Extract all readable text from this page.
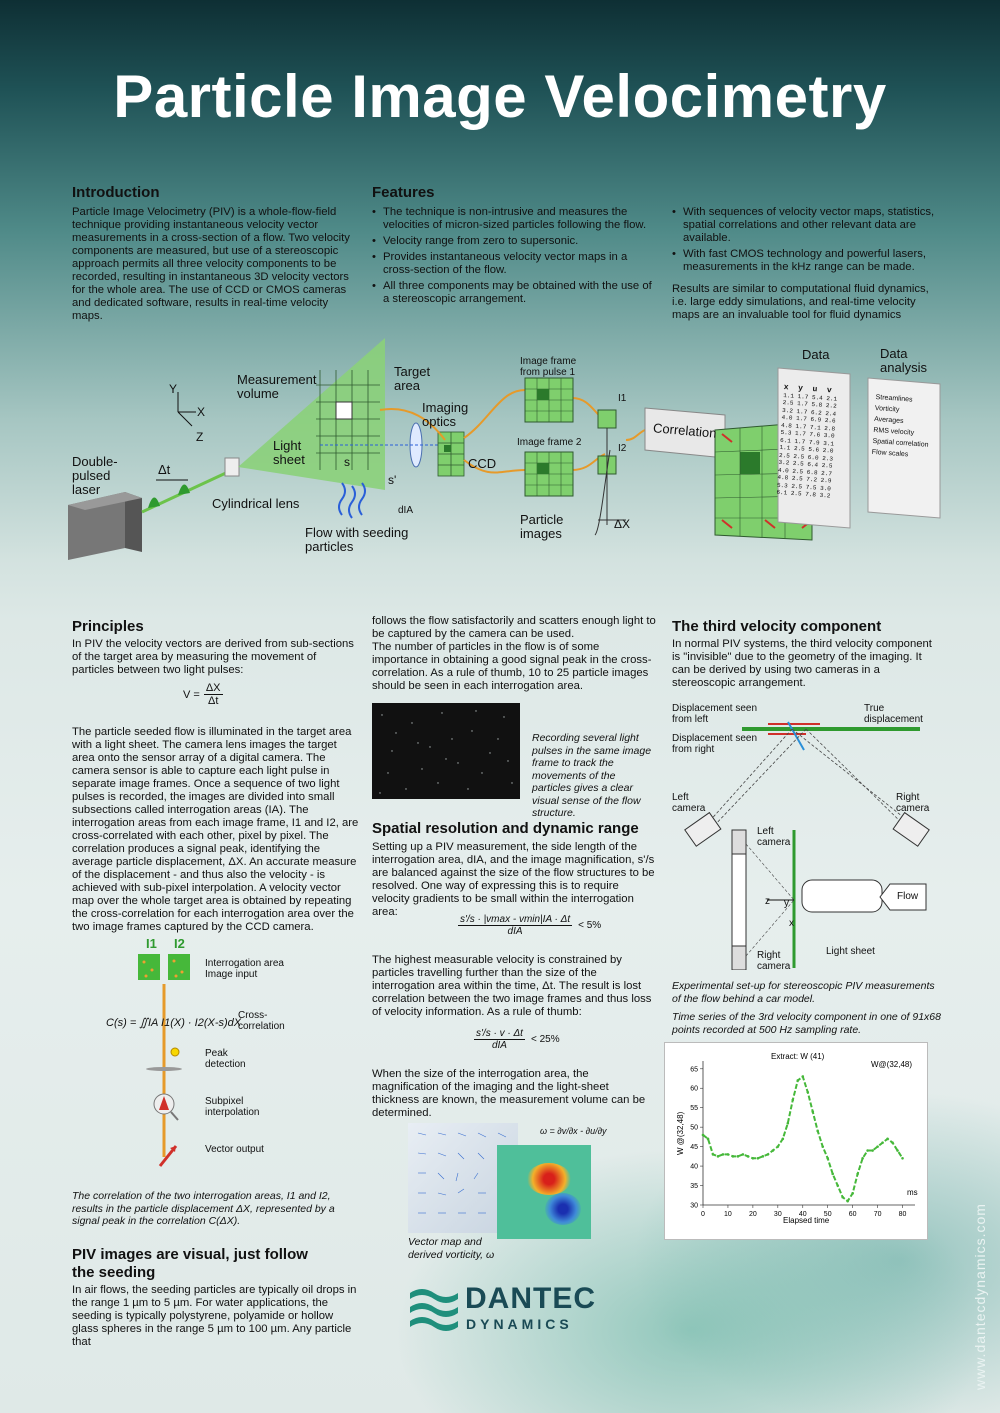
Particle Image Velocimetry
Introduction
Particle Image Velocimetry (PIV) is a whole-flow-field technique providing instantaneous velocity vector measurements in a cross-section of a flow. Two velocity components are measured, but use of a stereoscopic approach permits all three velocity components to be recorded, resulting in instantaneous 3D velocity vectors for the whole area. The use of CCD or CMOS cameras and dedicated software, results in real-time velocity maps.
Features
• The technique is non-intrusive and measures the velocities of micron-sized particles following the flow.
• Velocity range from zero to supersonic.
• Provides instantaneous velocity vector maps in a cross-section of the flow.
• All three components may be obtained with the use of a stereoscopic arrangement.
• With sequences of velocity vector maps, statistics, spatial correlations and other relevant data are available.
• With fast CMOS technology and powerful lasers, measurements in the kHz range can be made.
Results are similar to computational fluid dynamics, i.e. large eddy simulations, and real-time velocity maps are an invaluable tool for fluid dynamics
Double-pulsed laser
Δt
Cylindrical lens
Flow with seeding particles
Measurement volume
Light sheet
Target area
Imaging optics
CCD
Image frame from pulse 1
Image frame 2
Particle images
Correlation
Data	Data analysis
Y
X
Z
s
s'
dIA
I1
I2
ΔX
x y u v
1.1 1.7 5.4 2.1
2.5 1.7 5.8 2.2
3.2 1.7 6.2 2.4
4.0 1.7 6.9 2.6
4.8 1.7 7.1 2.8
5.3 1.7 7.6 3.0
6.1 1.7 7.9 3.1
1.1 2.5 5.6 2.0
2.5 2.5 6.0 2.3
3.2 2.5 6.4 2.5
4.0 2.5 6.8 2.7
4.8 2.5 7.2 2.9
5.3 2.5 7.5 3.0
6.1 2.5 7.8 3.2
Streamlines
Vorticity
Averages
RMS velocity
Spatial correlation
Flow scales
Principles
In PIV the velocity vectors are derived from sub-sections of the target area by measuring the movement of particles between two light pulses:
$V = \frac{\Delta X}{\Delta t}$
The particle seeded flow is illuminated in the target area with a light sheet. The camera lens images the target area onto the sensor array of a digital camera. The camera sensor is able to capture each light pulse in separate image frames. Once a sequence of two light pulses is recorded, the images are divided into small subsections called interrogation areas (IA). The interrogation areas from each image frame, I1 and I2, are cross-correlated with each other, pixel by pixel. The correlation produces a signal peak, identifying the average particle displacement, ΔX. An accurate measure of the displacement - and thus also the velocity - is achieved with sub-pixel interpolation. A velocity vector map over the whole target area is obtained by repeating the cross-correlation for each interrogation area over the two image frames captured by the CCD camera.
I1 I2
Interrogation area Image input
C(s) = ∬IA I1(X) · I2(X-s)dX
Cross-correlation
Peak detection
Subpixel interpolation
Vector output
The correlation of the two interrogation areas, I1 and I2, results in the particle displacement ΔX, represented by a signal peak in the correlation C(ΔX).
PIV images are visual, just follow the seeding
In air flows, the seeding particles are typically oil drops in the range 1 µm to 5 µm. For water applications, the seeding is typically polystyrene, polyamide or hollow glass spheres in the range 5 µm to 100 µm. Any particle that
follows the flow satisfactorily and scatters enough light to be captured by the camera can be used.
The number of particles in the flow is of some importance in obtaining a good signal peak in the cross-correlation. As a rule of thumb, 10 to 25 particle images should be seen in each interrogation area.
Recording several light pulses in the same image frame to track the movements of the particles gives a clear visual sense of the flow structure.
Spatial resolution and dynamic range
Setting up a PIV measurement, the side length of the interrogation area, dIA, and the image magnification, s'/s are balanced against the size of the flow structures to be resolved. One way of expressing this is to require velocity gradients to be small within the interrogation area:
s'/s · |vmax - vmin|IA · Δt
dIA
< 5%
The highest measurable velocity is constrained by particles travelling further than the size of the interrogation area within the time, Δt. The result is lost correlation between the two image frames and thus loss of velocity information. As a rule of thumb:
s'/s · v · Δt
dIA
< 25%
When the size of the interrogation area, the magnification of the imaging and the light-sheet thickness are known, the measurement volume can be determined.
ω = ∂v/∂x - ∂u/∂y
Vector map and derived vorticity, ω
DANTEC
DYNAMICS
The third velocity component
In normal PIV systems, the third velocity component is "invisible" due to the geometry of the imaging. It can be derived by using two cameras in a stereoscopic arrangement.
Displacement seen from left
Displacement seen from right
True displacement
Left camera
Right camera
Left camera
Right camera
Light sheet
Flow
z y
x
Experimental set-up for stereoscopic PIV measurements of the flow behind a car model.
Time series of the 3rd velocity component in one of 91x68 points recorded at 500 Hz sampling rate.
0	10 20 30 40 50 60 70 80
30
35
40
45
50
55
60
65
Extract: W (41)
W@(32,48)
Elapsed time
ms
W @(32,48)
www.dantecdynamics.com
